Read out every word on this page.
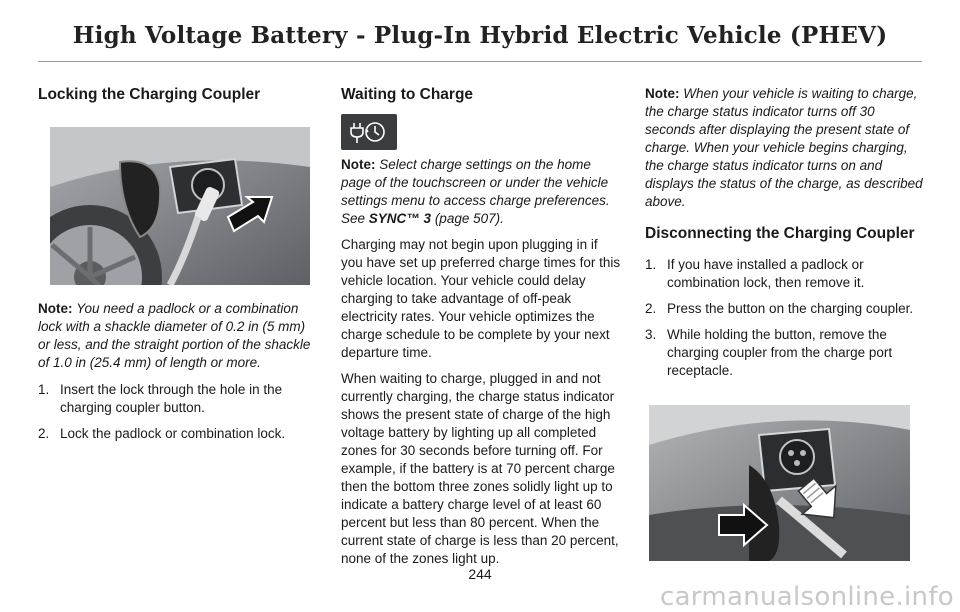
High Voltage Battery - Plug-In Hybrid Electric Vehicle (PHEV)
Locking the Charging Coupler

Note: You need a padlock or a combination lock with a shackle diameter of 0.2 in (5 mm) or less, and the straight portion of the shackle of 1.0 in (25.4 mm) of length or more.

1. Insert the lock through the hole in the charging coupler button.
2. Lock the padlock or combination lock.
Waiting to Charge

Note: Select charge settings on the home page of the touchscreen or under the vehicle settings menu to access charge preferences. See SYNC™ 3 (page 507).

Charging may not begin upon plugging in if you have set up preferred charge times for this vehicle location. Your vehicle could delay charging to take advantage of off-peak electricity rates. Your vehicle optimizes the charge schedule to be complete by your next departure time.

When waiting to charge, plugged in and not currently charging, the charge status indicator shows the present state of charge of the high voltage battery by lighting up all completed zones for 30 seconds before turning off. For example, if the battery is at 70 percent charge then the bottom three zones solidly light up to indicate a battery charge level of at least 60 percent but less than 80 percent. When the current state of charge is less than 20 percent, none of the zones light up.

Note: When your vehicle is waiting to charge, the charge status indicator turns off 30 seconds after displaying the present state of charge. When your vehicle begins charging, the charge status indicator turns on and displays the status of the charge, as described above.

Disconnecting the Charging Coupler
1. If you have installed a padlock or combination lock, then remove it.
2. Press the button on the charging coupler.
3. While holding the button, remove the charging coupler from the charge port receptacle.
244
carmanualsonline.info
